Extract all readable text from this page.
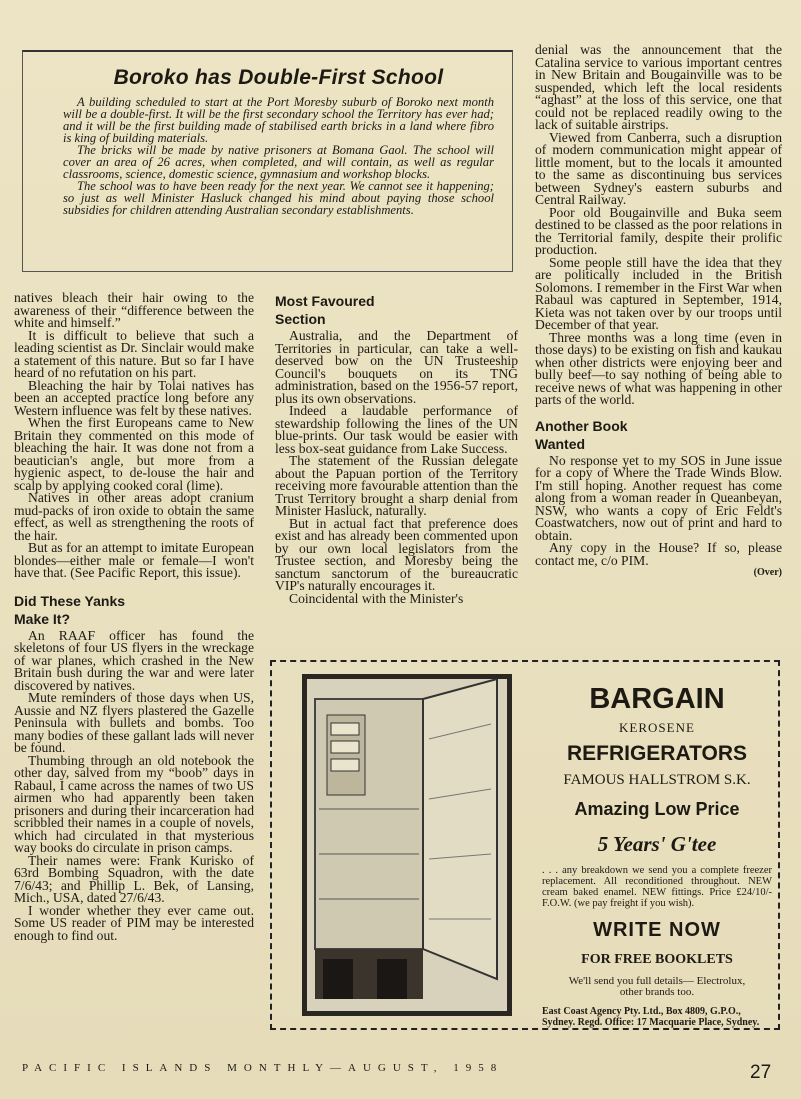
Boroko has Double-First School

A building scheduled to start at the Port Moresby suburb of Boroko next month will be a double-first. It will be the first secondary school the Territory has ever had; and it will be the first building made of stabilised earth bricks in a land where fibro is king of building materials.

The bricks will be made by native prisoners at Bomana Gaol. The school will cover an area of 26 acres, when completed, and will contain, as well as regular classrooms, science, domestic science, gymnasium and workshop blocks.

The school was to have been ready for the next year. We cannot see it happening; so just as well Minister Hasluck changed his mind about paying those school subsidies for children attending Australian secondary establishments.

natives bleach their hair owing to the awareness of their “difference between the white and himself.”

It is difficult to believe that such a leading scientist as Dr. Sinclair would make a statement of this nature. But so far I have heard of no refutation on his part.

Bleaching the hair by Tolai natives has been an accepted practice long before any Western influence was felt by these natives.

When the first Europeans came to New Britain they commented on this mode of bleaching the hair. It was done not from a beautician's angle, but more from a hygienic aspect, to de-louse the hair and scalp by applying cooked coral (lime).

Natives in other areas adopt cranium mud-packs of iron oxide to obtain the same effect, as well as strengthening the roots of the hair.

But as for an attempt to imitate European blondes—either male or female—I won't have that. (See Pacific Report, this issue).

Did These Yanks Make It?

An RAAF officer has found the skeletons of four US flyers in the wreckage of war planes, which crashed in the New Britain bush during the war and were later discovered by natives.

Mute reminders of those days when US, Aussie and NZ flyers plastered the Gazelle Peninsula with bullets and bombs. Too many bodies of these gallant lads will never be found.

Thumbing through an old notebook the other day, salved from my “boob” days in Rabaul, I came across the names of two US airmen who had apparently been taken prisoners and during their incarceration had scribbled their names in a couple of novels, which had circulated in that mysterious way books do circulate in prison camps.

Their names were: Frank Kurisko of 63rd Bombing Squadron, with the date 7/6/43; and Phillip L. Bek, of Lansing, Mich., USA, dated 27/6/43.

I wonder whether they ever came out. Some US reader of PIM may be interested enough to find out.

Most Favoured Section

Australia, and the Department of Territories in particular, can take a well-deserved bow on the UN Trusteeship Council's bouquets on its TNG administration, based on the 1956-57 report, plus its own observations.

Indeed a laudable performance of stewardship following the lines of the UN blue-prints. Our task would be easier with less box-seat guidance from Lake Success.

The statement of the Russian delegate about the Papuan portion of the Territory receiving more favourable attention than the Trust Territory brought a sharp denial from Minister Hasluck, naturally.

But in actual fact that preference does exist and has already been commented upon by our own local legislators from the Trustee section, and Moresby being the sanctum sanctorum of the bureaucratic VIP's naturally encourages it.

Coincidental with the Minister's

denial was the announcement that the Catalina service to various important centres in New Britain and Bougainville was to be suspended, which left the local residents “aghast” at the loss of this service, one that could not be replaced readily owing to the lack of suitable airstrips.

Viewed from Canberra, such a disruption of modern communication might appear of little moment, but to the locals it amounted to the same as discontinuing bus services between Sydney's eastern suburbs and Central Railway.

Poor old Bougainville and Buka seem destined to be classed as the poor relations in the Territorial family, despite their prolific production.

Some people still have the idea that they are politically included in the British Solomons. I remember in the First War when Rabaul was captured in September, 1914, Kieta was not taken over by our troops until December of that year.

Three months was a long time (even in those days) to be existing on fish and kaukau when other districts were enjoying beer and bully beef—to say nothing of being able to receive news of what was happening in other parts of the world.

Another Book Wanted

No response yet to my SOS in June issue for a copy of Where the Trade Winds Blow. I'm still hoping. Another request has come along from a woman reader in Queanbeyan, NSW, who wants a copy of Eric Feldt's Coastwatchers, now out of print and hard to obtain.

Any copy in the House? If so, please contact me, c/o PIM.

(Over)
BARGAIN
KEROSENE
REFRIGERATORS
FAMOUS HALLSTROM S.K.
Amazing Low Price
5 Years' G'tee
. . . any breakdown we send you a complete freezer replacement. All reconditioned throughout. NEW cream baked enamel. NEW fittings. Price £24/10/- F.O.W. (we pay freight if you wish).
WRITE NOW
FOR FREE BOOKLETS
We'll send you full details— Electrolux, other brands too.
East Coast Agency Pty. Ltd., Box 4809, G.P.O., Sydney. Regd. Office: 17 Macquarie Place, Sydney.
PACIFIC ISLANDS MONTHLY—AUGUST, 1958	27
